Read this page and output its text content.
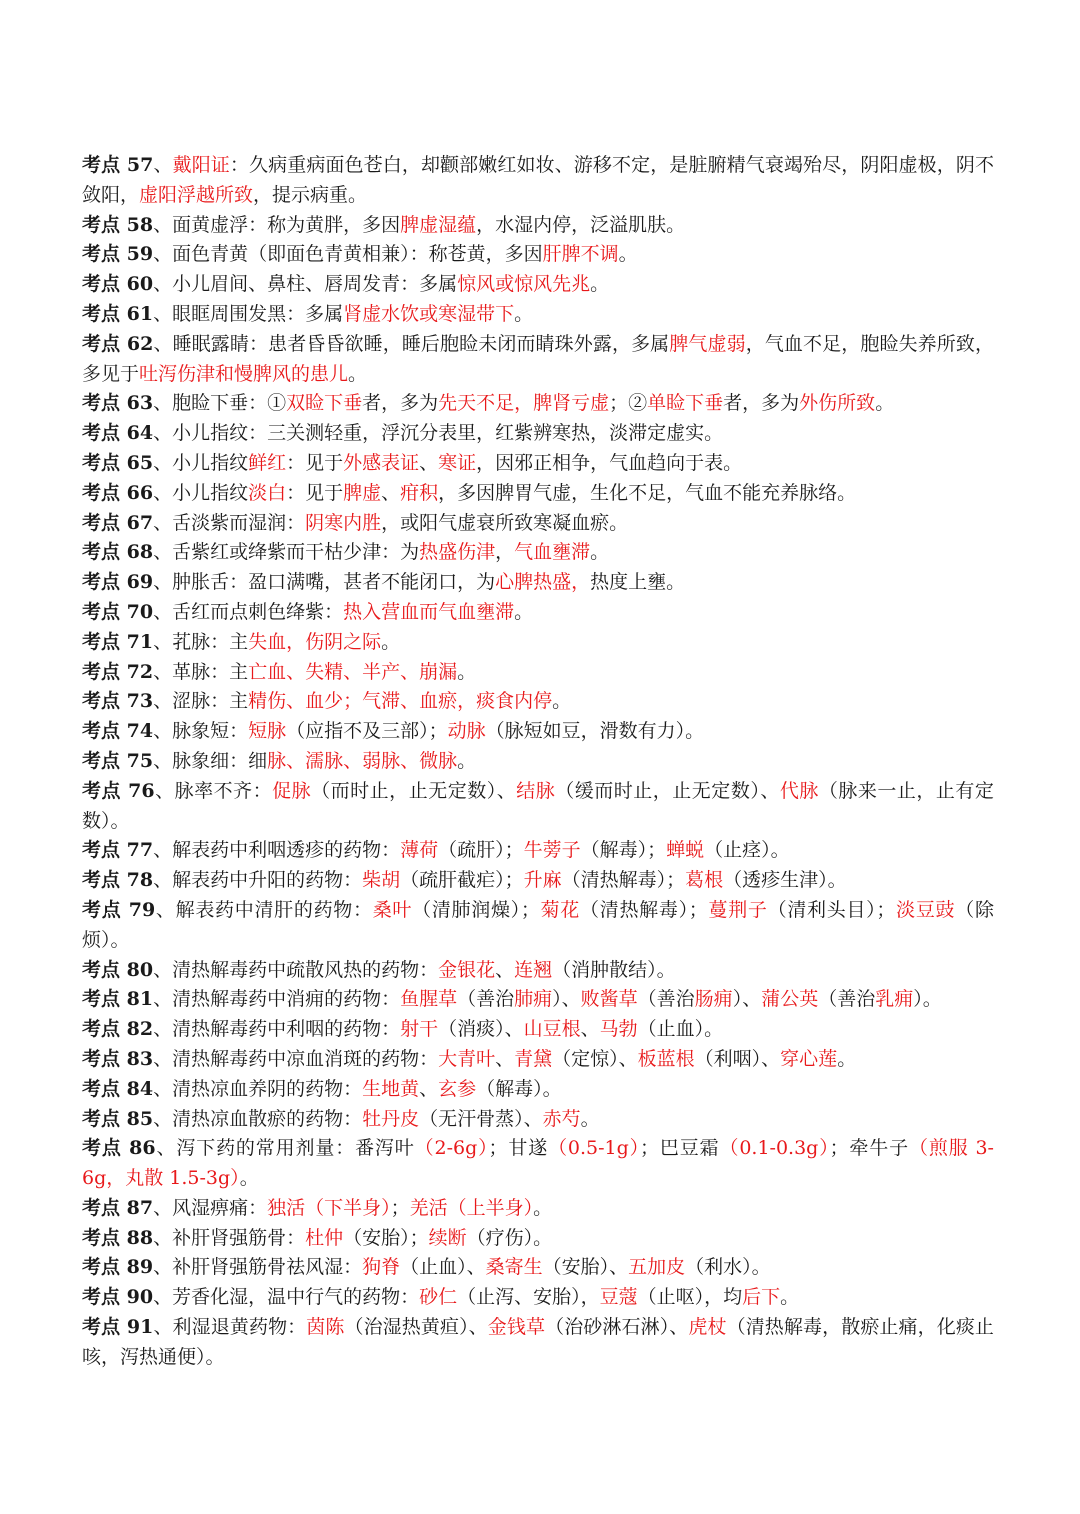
考点 57、戴阳证：久病重病面色苍白，却颧部嫩红如妆、游移不定，是脏腑精气衰竭殆尽，阴阳虚极，阴不敛阳，虚阳浮越所致，提示病重。

考点 58、面黄虚浮：称为黄胖，多因脾虚湿蕴，水湿内停，泛溢肌肤。

考点 59、面色青黄（即面色青黄相兼）：称苍黄，多因肝脾不调。

考点 60、小儿眉间、鼻柱、唇周发青：多属惊风或惊风先兆。

考点 61、眼眶周围发黑：多属肾虚水饮或寒湿带下。

考点 62、睡眠露睛：患者昏昏欲睡，睡后胞睑未闭而睛珠外露，多属脾气虚弱，气血不足，胞睑失养所致，多见于吐泻伤津和慢脾风的患儿。

考点 63、胞睑下垂：①双睑下垂者，多为先天不足，脾肾亏虚；②单睑下垂者，多为外伤所致。

考点 64、小儿指纹：三关测轻重，浮沉分表里，红紫辨寒热，淡滞定虚实。

考点 65、小儿指纹鲜红：见于外感表证、寒证，因邪正相争，气血趋向于表。

考点 66、小儿指纹淡白：见于脾虚、疳积，多因脾胃气虚，生化不足，气血不能充养脉络。

考点 67、舌淡紫而湿润：阴寒内胜，或阳气虚衰所致寒凝血瘀。

考点 68、舌紫红或绛紫而干枯少津：为热盛伤津，气血壅滞。

考点 69、肿胀舌：盈口满嘴，甚者不能闭口，为心脾热盛，热度上壅。

考点 70、舌红而点刺色绛紫：热入营血而气血壅滞。

考点 71、芤脉：主失血，伤阴之际。

考点 72、革脉：主亡血、失精、半产、崩漏。

考点 73、涩脉：主精伤、血少；气滞、血瘀，痰食内停。

考点 74、脉象短：短脉（应指不及三部）；动脉（脉短如豆，滑数有力）。

考点 75、脉象细：细脉、濡脉、弱脉、微脉。

考点 76、脉率不齐：促脉（而时止，止无定数）、结脉（缓而时止，止无定数）、代脉（脉来一止，止有定数）。

考点 77、解表药中利咽透疹的药物：薄荷（疏肝）；牛蒡子（解毒）；蝉蜕（止痉）。

考点 78、解表药中升阳的药物：柴胡（疏肝截疟）；升麻（清热解毒）；葛根（透疹生津）。

考点 79、解表药中清肝的药物：桑叶（清肺润燥）；菊花（清热解毒）；蔓荆子（清利头目）；淡豆豉（除烦）。

考点 80、清热解毒药中疏散风热的药物：金银花、连翘（消肿散结）。

考点 81、清热解毒药中消痈的药物：鱼腥草（善治肺痈）、败酱草（善治肠痈）、蒲公英（善治乳痈）。

考点 82、清热解毒药中利咽的药物：射干（消痰）、山豆根、马勃（止血）。

考点 83、清热解毒药中凉血消斑的药物：大青叶、青黛（定惊）、板蓝根（利咽）、穿心莲。

考点 84、清热凉血养阴的药物：生地黄、玄参（解毒）。

考点 85、清热凉血散瘀的药物：牡丹皮（无汗骨蒸）、赤芍。

考点 86、泻下药的常用剂量：番泻叶（2-6g）；甘遂（0.5-1g）；巴豆霜（0.1-0.3g）；牵牛子（煎服 3-6g，丸散 1.5-3g）。

考点 87、风湿痹痛：独活（下半身）；羌活（上半身）。

考点 88、补肝肾强筋骨：杜仲（安胎）；续断（疗伤）。

考点 89、补肝肾强筋骨祛风湿：狗脊（止血）、桑寄生（安胎）、五加皮（利水）。

考点 90、芳香化湿，温中行气的药物：砂仁（止泻、安胎），豆蔻（止呕），均后下。

考点 91、利湿退黄药物：茵陈（治湿热黄疸）、金钱草（治砂淋石淋）、虎杖（清热解毒，散瘀止痛，化痰止咳，泻热通便）。
